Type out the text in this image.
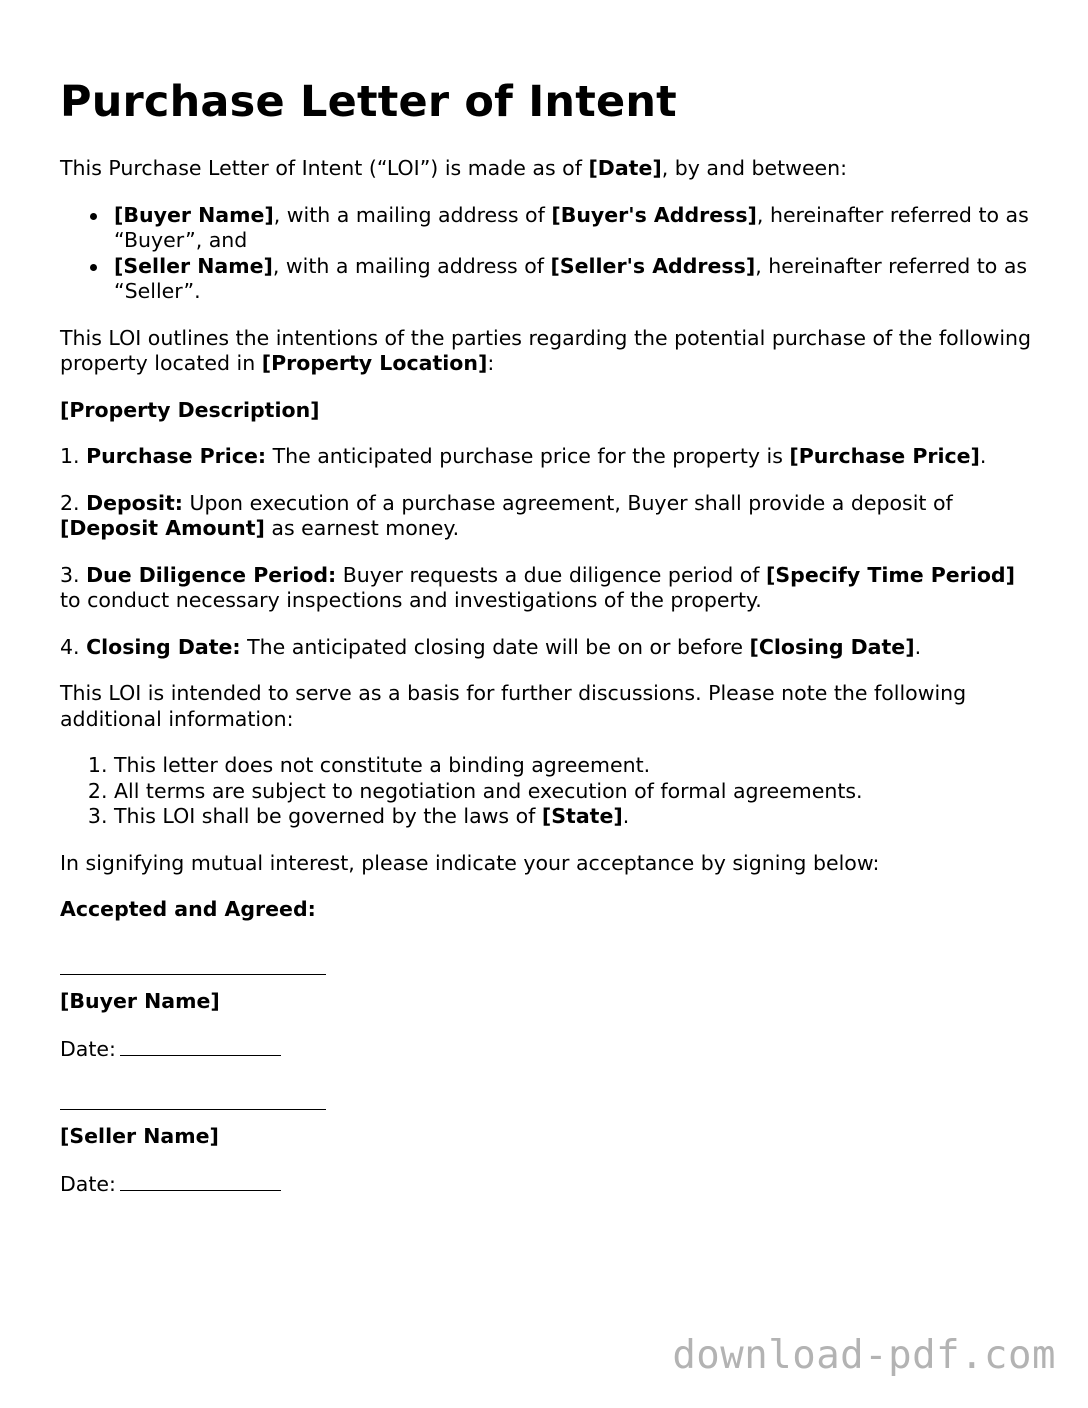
Purchase Letter of Intent

This Purchase Letter of Intent (“LOI”) is made as of [Date], by and between:

[Buyer Name], with a mailing address of [Buyer's Address], hereinafter referred to as “Buyer”, and
[Seller Name], with a mailing address of [Seller's Address], hereinafter referred to as “Seller”.

This LOI outlines the intentions of the parties regarding the potential purchase of the following property located in [Property Location]:

[Property Description]

1. Purchase Price: The anticipated purchase price for the property is [Purchase Price].

2. Deposit: Upon execution of a purchase agreement, Buyer shall provide a deposit of [Deposit Amount] as earnest money.

3. Due Diligence Period: Buyer requests a due diligence period of [Specify Time Period] to conduct necessary inspections and investigations of the property.

4. Closing Date: The anticipated closing date will be on or before [Closing Date].

This LOI is intended to serve as a basis for further discussions. Please note the following additional information:

1. This letter does not constitute a binding agreement.
2. All terms are subject to negotiation and execution of formal agreements.
3. This LOI shall be governed by the laws of [State].

In signifying mutual interest, please indicate your acceptance by signing below:

Accepted and Agreed:

[Buyer Name]

Date:

[Seller Name]

Date:

download-pdf.com
